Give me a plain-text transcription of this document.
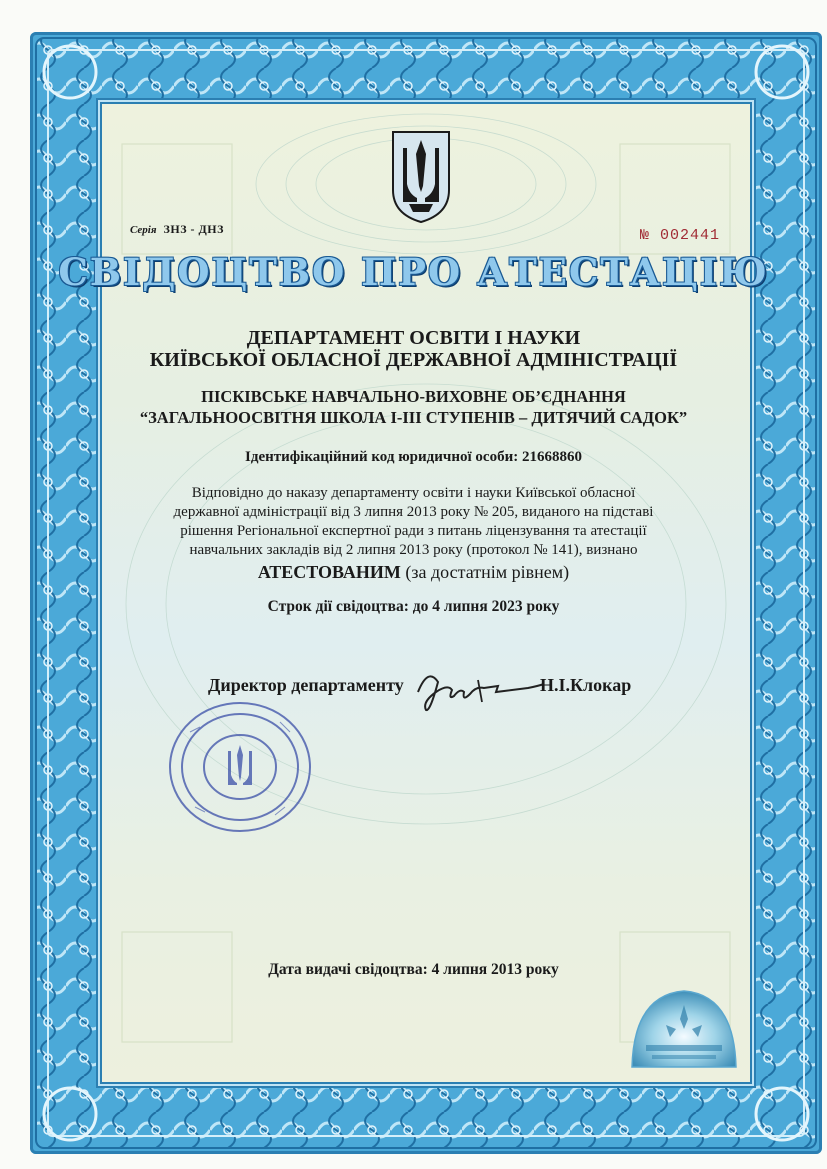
Серія ЗНЗ - ДНЗ	№ 002441
СВІДОЦТВО ПРО АТЕСТАЦІЮ
ДЕПАРТАМЕНТ ОСВІТИ І НАУКИ
КИЇВСЬКОЇ ОБЛАСНОЇ ДЕРЖАВНОЇ АДМІНІСТРАЦІЇ
ПІСКІВСЬКЕ НАВЧАЛЬНО-ВИХОВНЕ ОБ’ЄДНАННЯ
“ЗАГАЛЬНООСВІТНЯ ШКОЛА І-ІІІ СТУПЕНІВ – ДИТЯЧИЙ САДОК”
Ідентифікаційний код юридичної особи: 21668860
Відповідно до наказу департаменту освіти і науки Київської обласної
державної адміністрації від 3 липня 2013 року № 205, виданого на підставі
рішення Регіональної експертної ради з питань ліцензування та атестації
навчальних закладів від 2 липня 2013 року (протокол № 141), визнано
АТЕСТОВАНИМ (за достатнім рівнем)
Строк дії свідоцтва: до 4 липня 2023 року
Директор департаменту	Н.І.Клокар
Дата видачі свідоцтва: 4 липня 2013 року
